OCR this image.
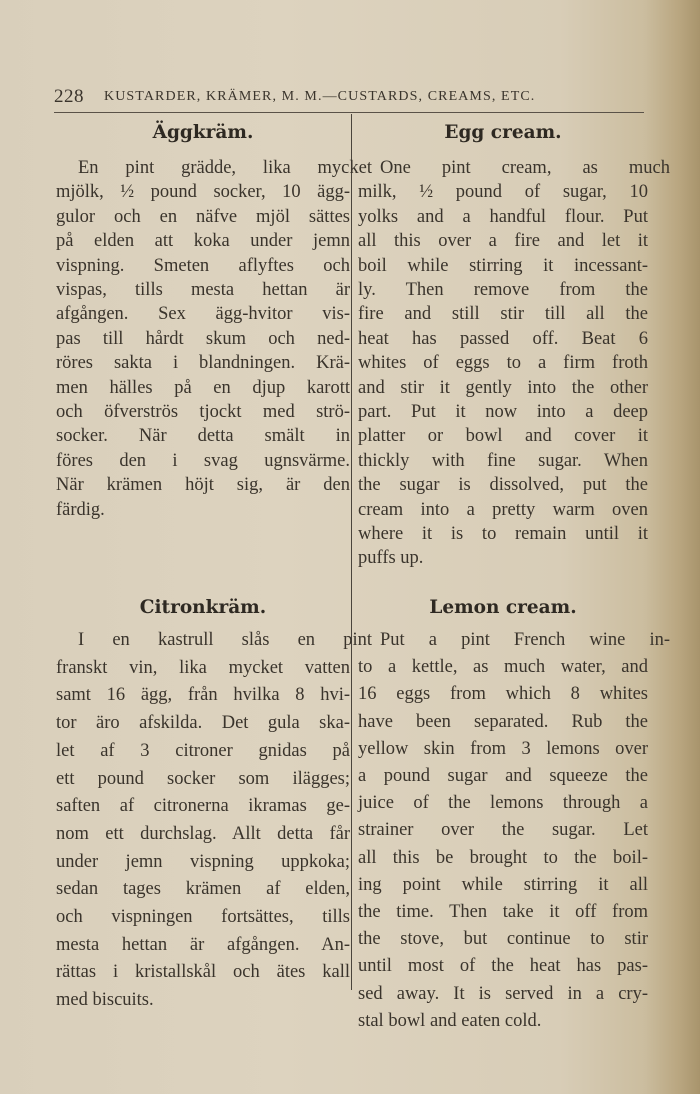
228 KUSTARDER, KRÄMER, M. M.—CUSTARDS, CREAMS, ETC.
Äggkräm.
En pint grädde, lika mycket
mjölk, ½ pound socker, 10 ägg-
gulor och en näfve mjöl sättes
på elden att koka under jemn
vispning. Smeten aflyftes och
vispas, tills mesta hettan är
afgången. Sex ägg-hvitor vis-
pas till hårdt skum och ned-
röres sakta i blandningen. Krä-
men hälles på en djup karott
och öfverströs tjockt med strö-
socker. När detta smält in
föres den i svag ugnsvärme.
När krämen höjt sig, är den
färdig.
Egg cream.
One pint cream, as much
milk, ½ pound of sugar, 10
yolks and a handful flour. Put
all this over a fire and let it
boil while stirring it incessant-
ly. Then remove from the
fire and still stir till all the
heat has passed off. Beat 6
whites of eggs to a firm froth
and stir it gently into the other
part. Put it now into a deep
platter or bowl and cover it
thickly with fine sugar. When
the sugar is dissolved, put the
cream into a pretty warm oven
where it is to remain until it
puffs up.
Citronkräm.
I en kastrull slås en pint
franskt vin, lika mycket vatten
samt 16 ägg, från hvilka 8 hvi-
tor äro afskilda. Det gula ska-
let af 3 citroner gnidas på
ett pound socker som ilägges;
saften af citronerna ikramas ge-
nom ett durchslag. Allt detta får
under jemn vispning uppkoka;
sedan tages krämen af elden,
och vispningen fortsättes, tills
mesta hettan är afgången. An-
rättas i kristallskål och ätes kall
med biscuits.
Lemon cream.
Put a pint French wine in-
to a kettle, as much water, and
16 eggs from which 8 whites
have been separated. Rub the
yellow skin from 3 lemons over
a pound sugar and squeeze the
juice of the lemons through a
strainer over the sugar. Let
all this be brought to the boil-
ing point while stirring it all
the time. Then take it off from
the stove, but continue to stir
until most of the heat has pas-
sed away. It is served in a cry-
stal bowl and eaten cold.
